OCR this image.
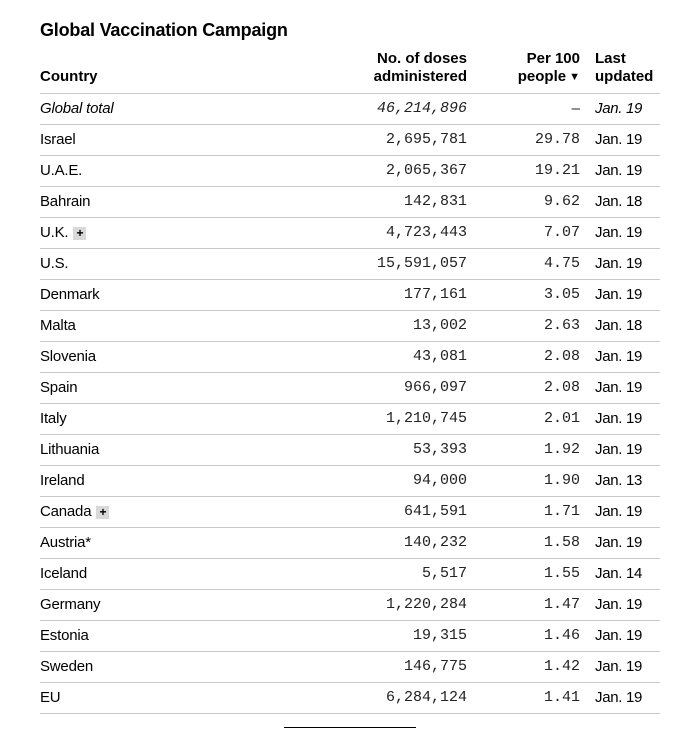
Global Vaccination Campaign
Country
No. of doses
administered
Per 100
people ▼
Last
updated
Global total	46,214,896	– Jan. 19
Israel	2,695,781	29.78 Jan. 19
U.A.E.	2,065,367	19.21 Jan. 19
Bahrain	142,831	9.62 Jan. 18
U.K. +	4,723,443	7.07 Jan. 19
U.S.	15,591,057	4.75 Jan. 19
Denmark	177,161	3.05 Jan. 19
Malta	13,002	2.63 Jan. 18
Slovenia	43,081	2.08 Jan. 19
Spain	966,097	2.08 Jan. 19
Italy	1,210,745	2.01 Jan. 19
Lithuania	53,393	1.92 Jan. 19
Ireland	94,000	1.90 Jan. 13
Canada +	641,591	1.71 Jan. 19
Austria*	140,232	1.58 Jan. 19
Iceland	5,517	1.55 Jan. 14
Germany	1,220,284	1.47 Jan. 19
Estonia	19,315	1.46 Jan. 19
Sweden	146,775	1.42 Jan. 19
EU	6,284,124	1.41 Jan. 19
